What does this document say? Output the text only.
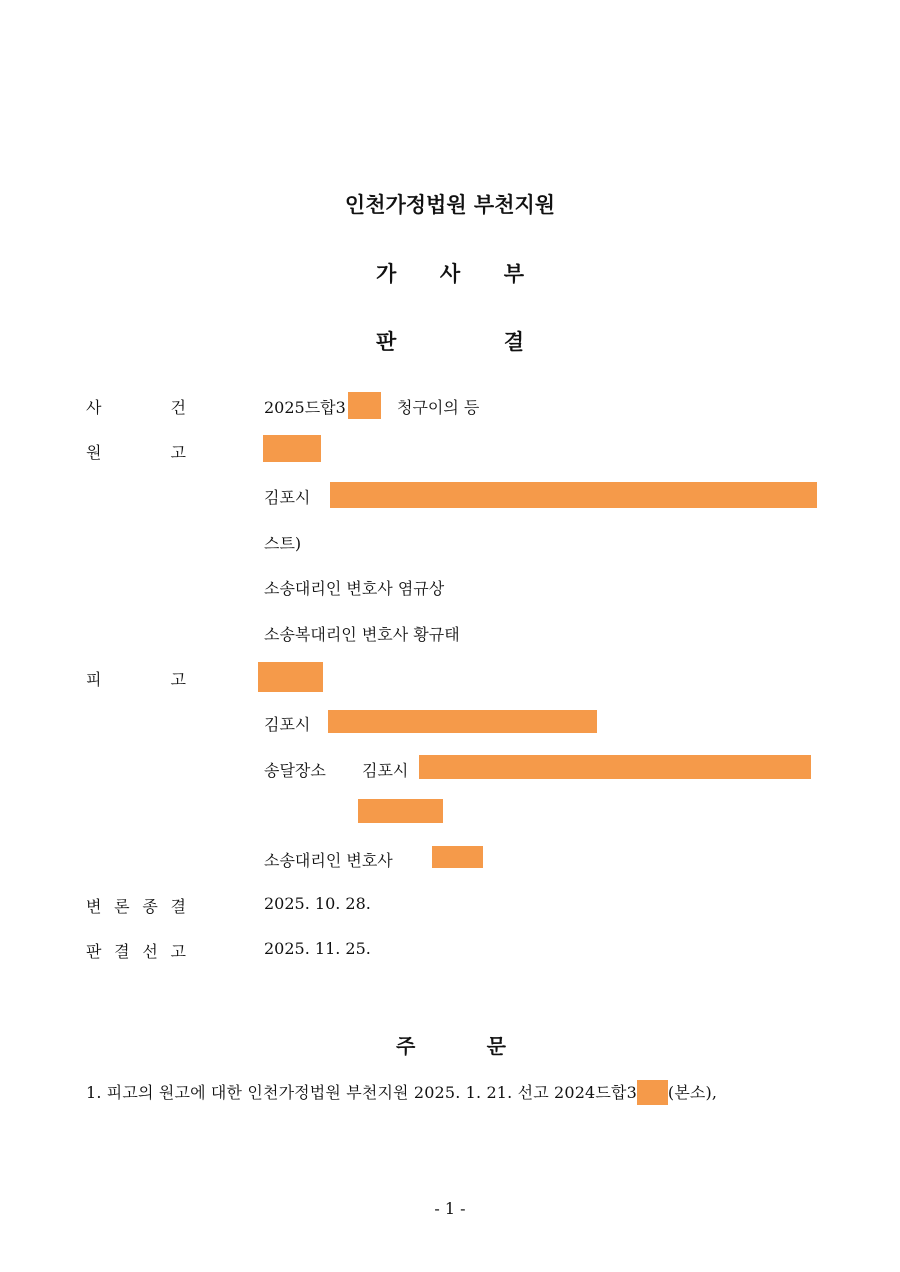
인천가정법원 부천지원
가 사 부
판	결
사	건	2025드합3	청구이의 등
원	고
김포시
스트)
소송대리인 변호사 염규상
소송복대리인 변호사 황규태
피	고
김포시
송달장소 김포시
소송대리인 변호사
변 론 종 결	2025. 10. 28.
판 결 선 고	2025. 11. 25.
주	문
1. 피고의 원고에 대한 인천가정법원 부천지원 2025. 1. 21. 선고 2024드합3 (본소),
- 1 -
